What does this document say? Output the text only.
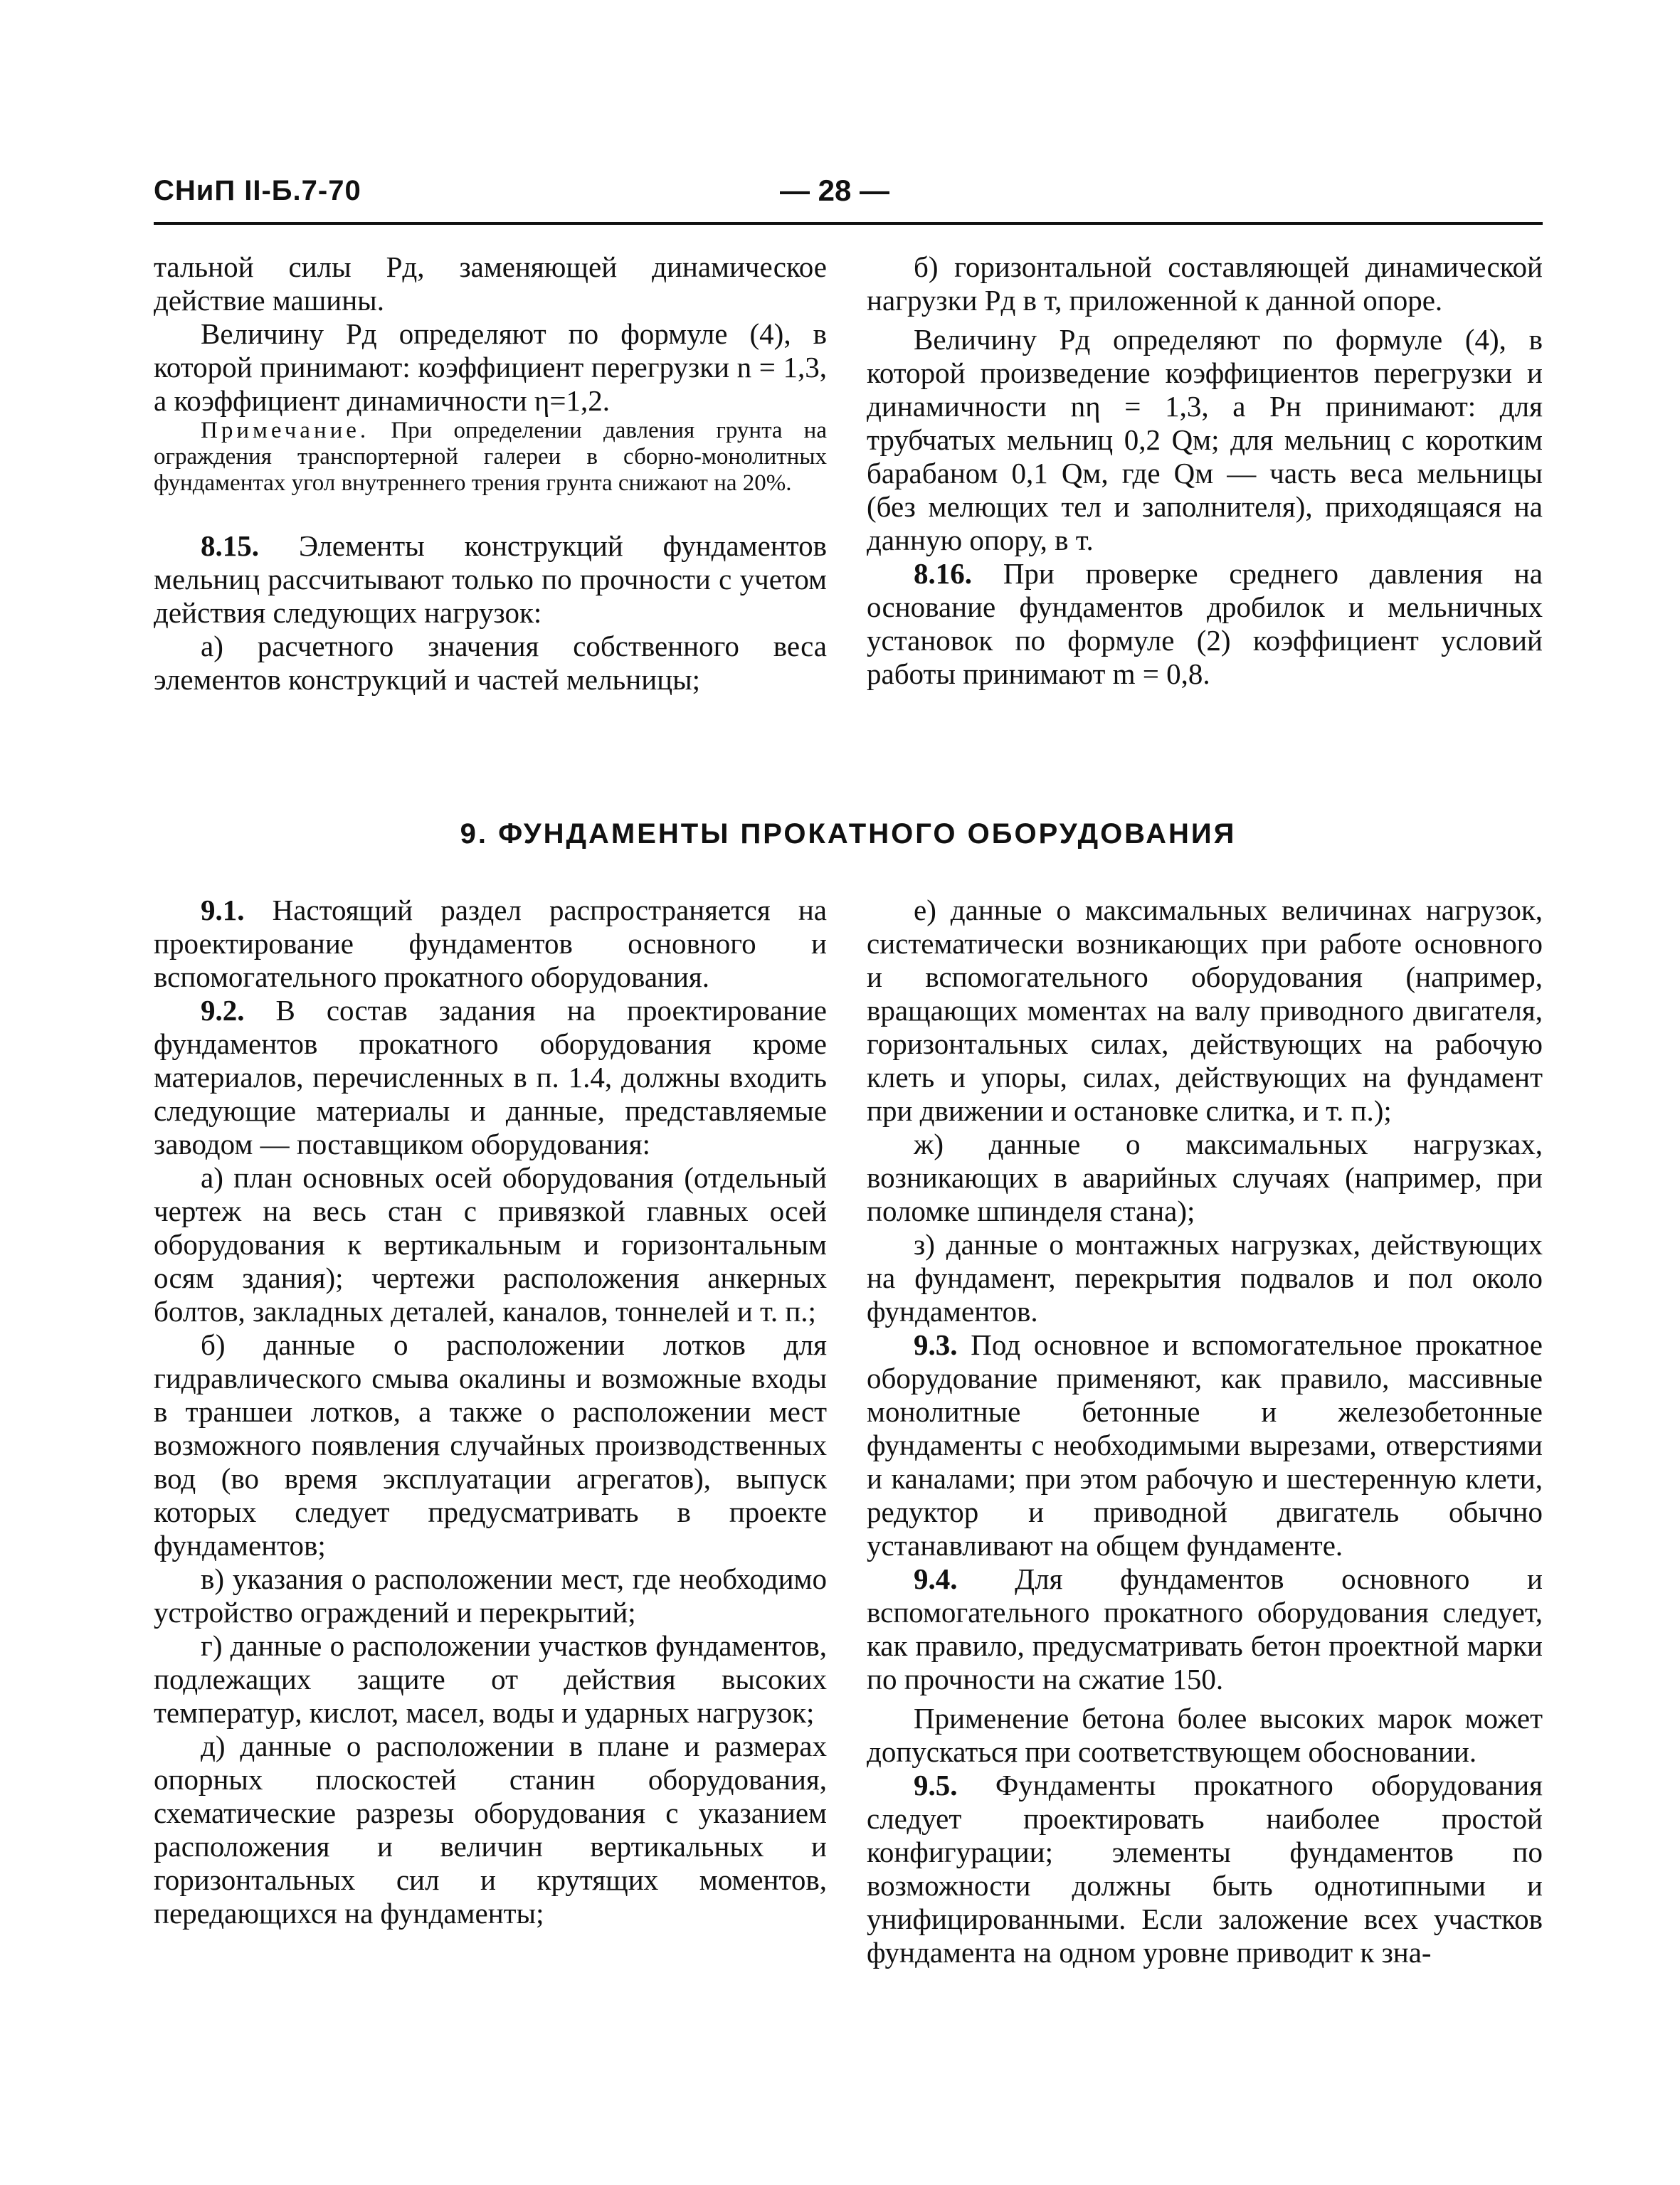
СНиП II-Б.7-70	— 28 —

тальной силы Pд, заменяющей динамическое действие машины.

Величину Pд определяют по формуле (4), в которой принимают: коэффициент перегрузки n = 1,3, а коэффициент динамичности η=1,2.

Примечание. При определении давления грунта на ограждения транспортерной галереи в сборно-монолитных фундаментах угол внутреннего трения грунта снижают на 20%.

8.15. Элементы конструкций фундаментов мельниц рассчитывают только по прочности с учетом действия следующих нагрузок:

а) расчетного значения собственного веса элементов конструкций и частей мельницы;

б) горизонтальной составляющей динамической нагрузки Pд в т, приложенной к данной опоре.

Величину Pд определяют по формуле (4), в которой произведение коэффициентов перегрузки и динамичности nη = 1,3, а Pн принимают: для трубчатых мельниц 0,2 Qм; для мельниц с коротким барабаном 0,1 Qм, где Qм — часть веса мельницы (без мелющих тел и заполнителя), приходящаяся на данную опору, в т.

8.16. При проверке среднего давления на основание фундаментов дробилок и мельничных установок по формуле (2) коэффициент условий работы принимают m = 0,8.

9. ФУНДАМЕНТЫ ПРОКАТНОГО ОБОРУДОВАНИЯ

9.1. Настоящий раздел распространяется на проектирование фундаментов основного и вспомогательного прокатного оборудования.

9.2. В состав задания на проектирование фундаментов прокатного оборудования кроме материалов, перечисленных в п. 1.4, должны входить следующие материалы и данные, представляемые заводом — поставщиком оборудования:

а) план основных осей оборудования (отдельный чертеж на весь стан с привязкой главных осей оборудования к вертикальным и горизонтальным осям здания); чертежи расположения анкерных болтов, закладных деталей, каналов, тоннелей и т. п.;

б) данные о расположении лотков для гидравлического смыва окалины и возможные входы в траншеи лотков, а также о расположении мест возможного появления случайных производственных вод (во время эксплуатации агрегатов), выпуск которых следует предусматривать в проекте фундаментов;

в) указания о расположении мест, где необходимо устройство ограждений и перекрытий;

г) данные о расположении участков фундаментов, подлежащих защите от действия высоких температур, кислот, масел, воды и ударных нагрузок;

д) данные о расположении в плане и размерах опорных плоскостей станин оборудования, схематические разрезы оборудования с указанием расположения и величин вертикальных и горизонтальных сил и крутящих моментов, передающихся на фундаменты;

е) данные о максимальных величинах нагрузок, систематически возникающих при работе основного и вспомогательного оборудования (например, вращающих моментах на валу приводного двигателя, горизонтальных силах, действующих на рабочую клеть и упоры, силах, действующих на фундамент при движении и остановке слитка, и т. п.);

ж) данные о максимальных нагрузках, возникающих в аварийных случаях (например, при поломке шпинделя стана);

з) данные о монтажных нагрузках, действующих на фундамент, перекрытия подвалов и пол около фундаментов.

9.3. Под основное и вспомогательное прокатное оборудование применяют, как правило, массивные монолитные бетонные и железобетонные фундаменты с необходимыми вырезами, отверстиями и каналами; при этом рабочую и шестеренную клети, редуктор и приводной двигатель обычно устанавливают на общем фундаменте.

9.4. Для фундаментов основного и вспомогательного прокатного оборудования следует, как правило, предусматривать бетон проектной марки по прочности на сжатие 150.

Применение бетона более высоких марок может допускаться при соответствующем обосновании.

9.5. Фундаменты прокатного оборудования следует проектировать наиболее простой конфигурации; элементы фундаментов по возможности должны быть однотипными и унифицированными. Если заложение всех участков фундамента на одном уровне приводит к зна-
